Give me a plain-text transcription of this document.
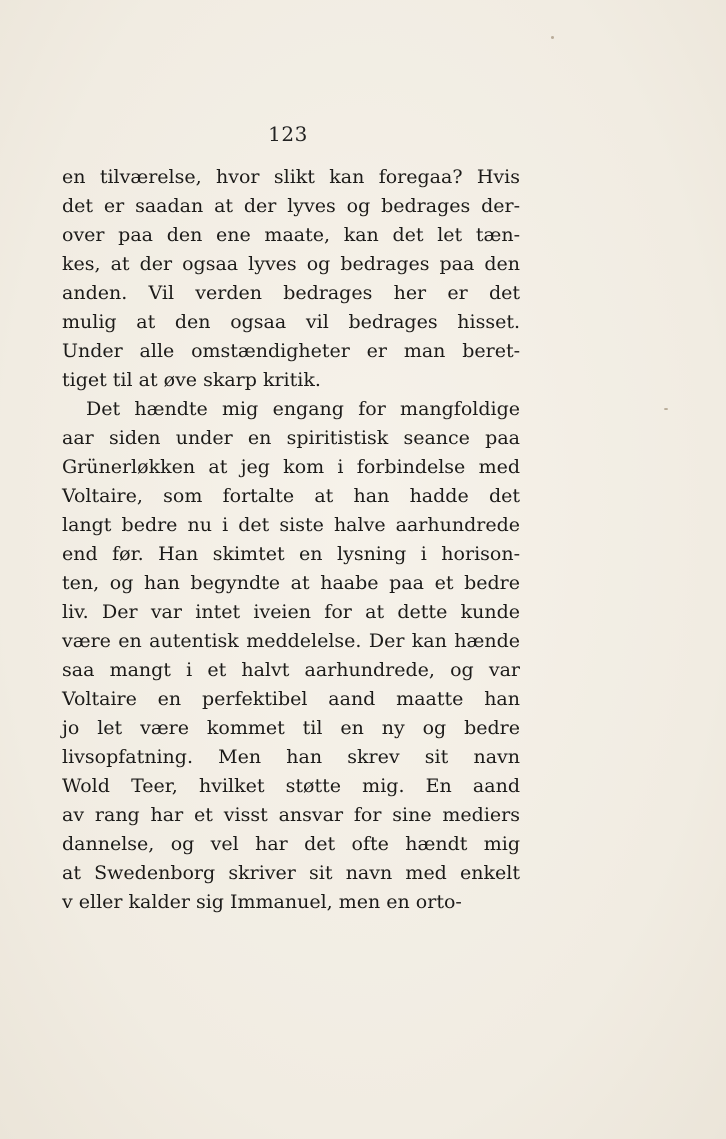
123
en tilværelse, hvor slikt kan foregaa? Hvis
det er saadan at der lyves og bedrages der-
over paa den ene maate, kan det let tæn-
kes, at der ogsaa lyves og bedrages paa den
anden. Vil verden bedrages her er det
mulig at den ogsaa vil bedrages hisset.
Under alle omstændigheter er man beret-
tiget til at øve skarp kritik.
Det hændte mig engang for mangfoldige
aar siden under en spiritistisk seance paa
Grünerløkken at jeg kom i forbindelse med
Voltaire, som fortalte at han hadde det
langt bedre nu i det siste halve aarhundrede
end før. Han skimtet en lysning i horison-
ten, og han begyndte at haabe paa et bedre
liv. Der var intet iveien for at dette kunde
være en autentisk meddelelse. Der kan hænde
saa mangt i et halvt aarhundrede, og var
Voltaire en perfektibel aand maatte han
jo let være kommet til en ny og bedre
livsopfatning. Men han skrev sit navn
Wold Teer, hvilket støtte mig. En aand
av rang har et visst ansvar for sine mediers
dannelse, og vel har det ofte hændt mig
at Swedenborg skriver sit navn med enkelt
v eller kalder sig Immanuel, men en orto-
